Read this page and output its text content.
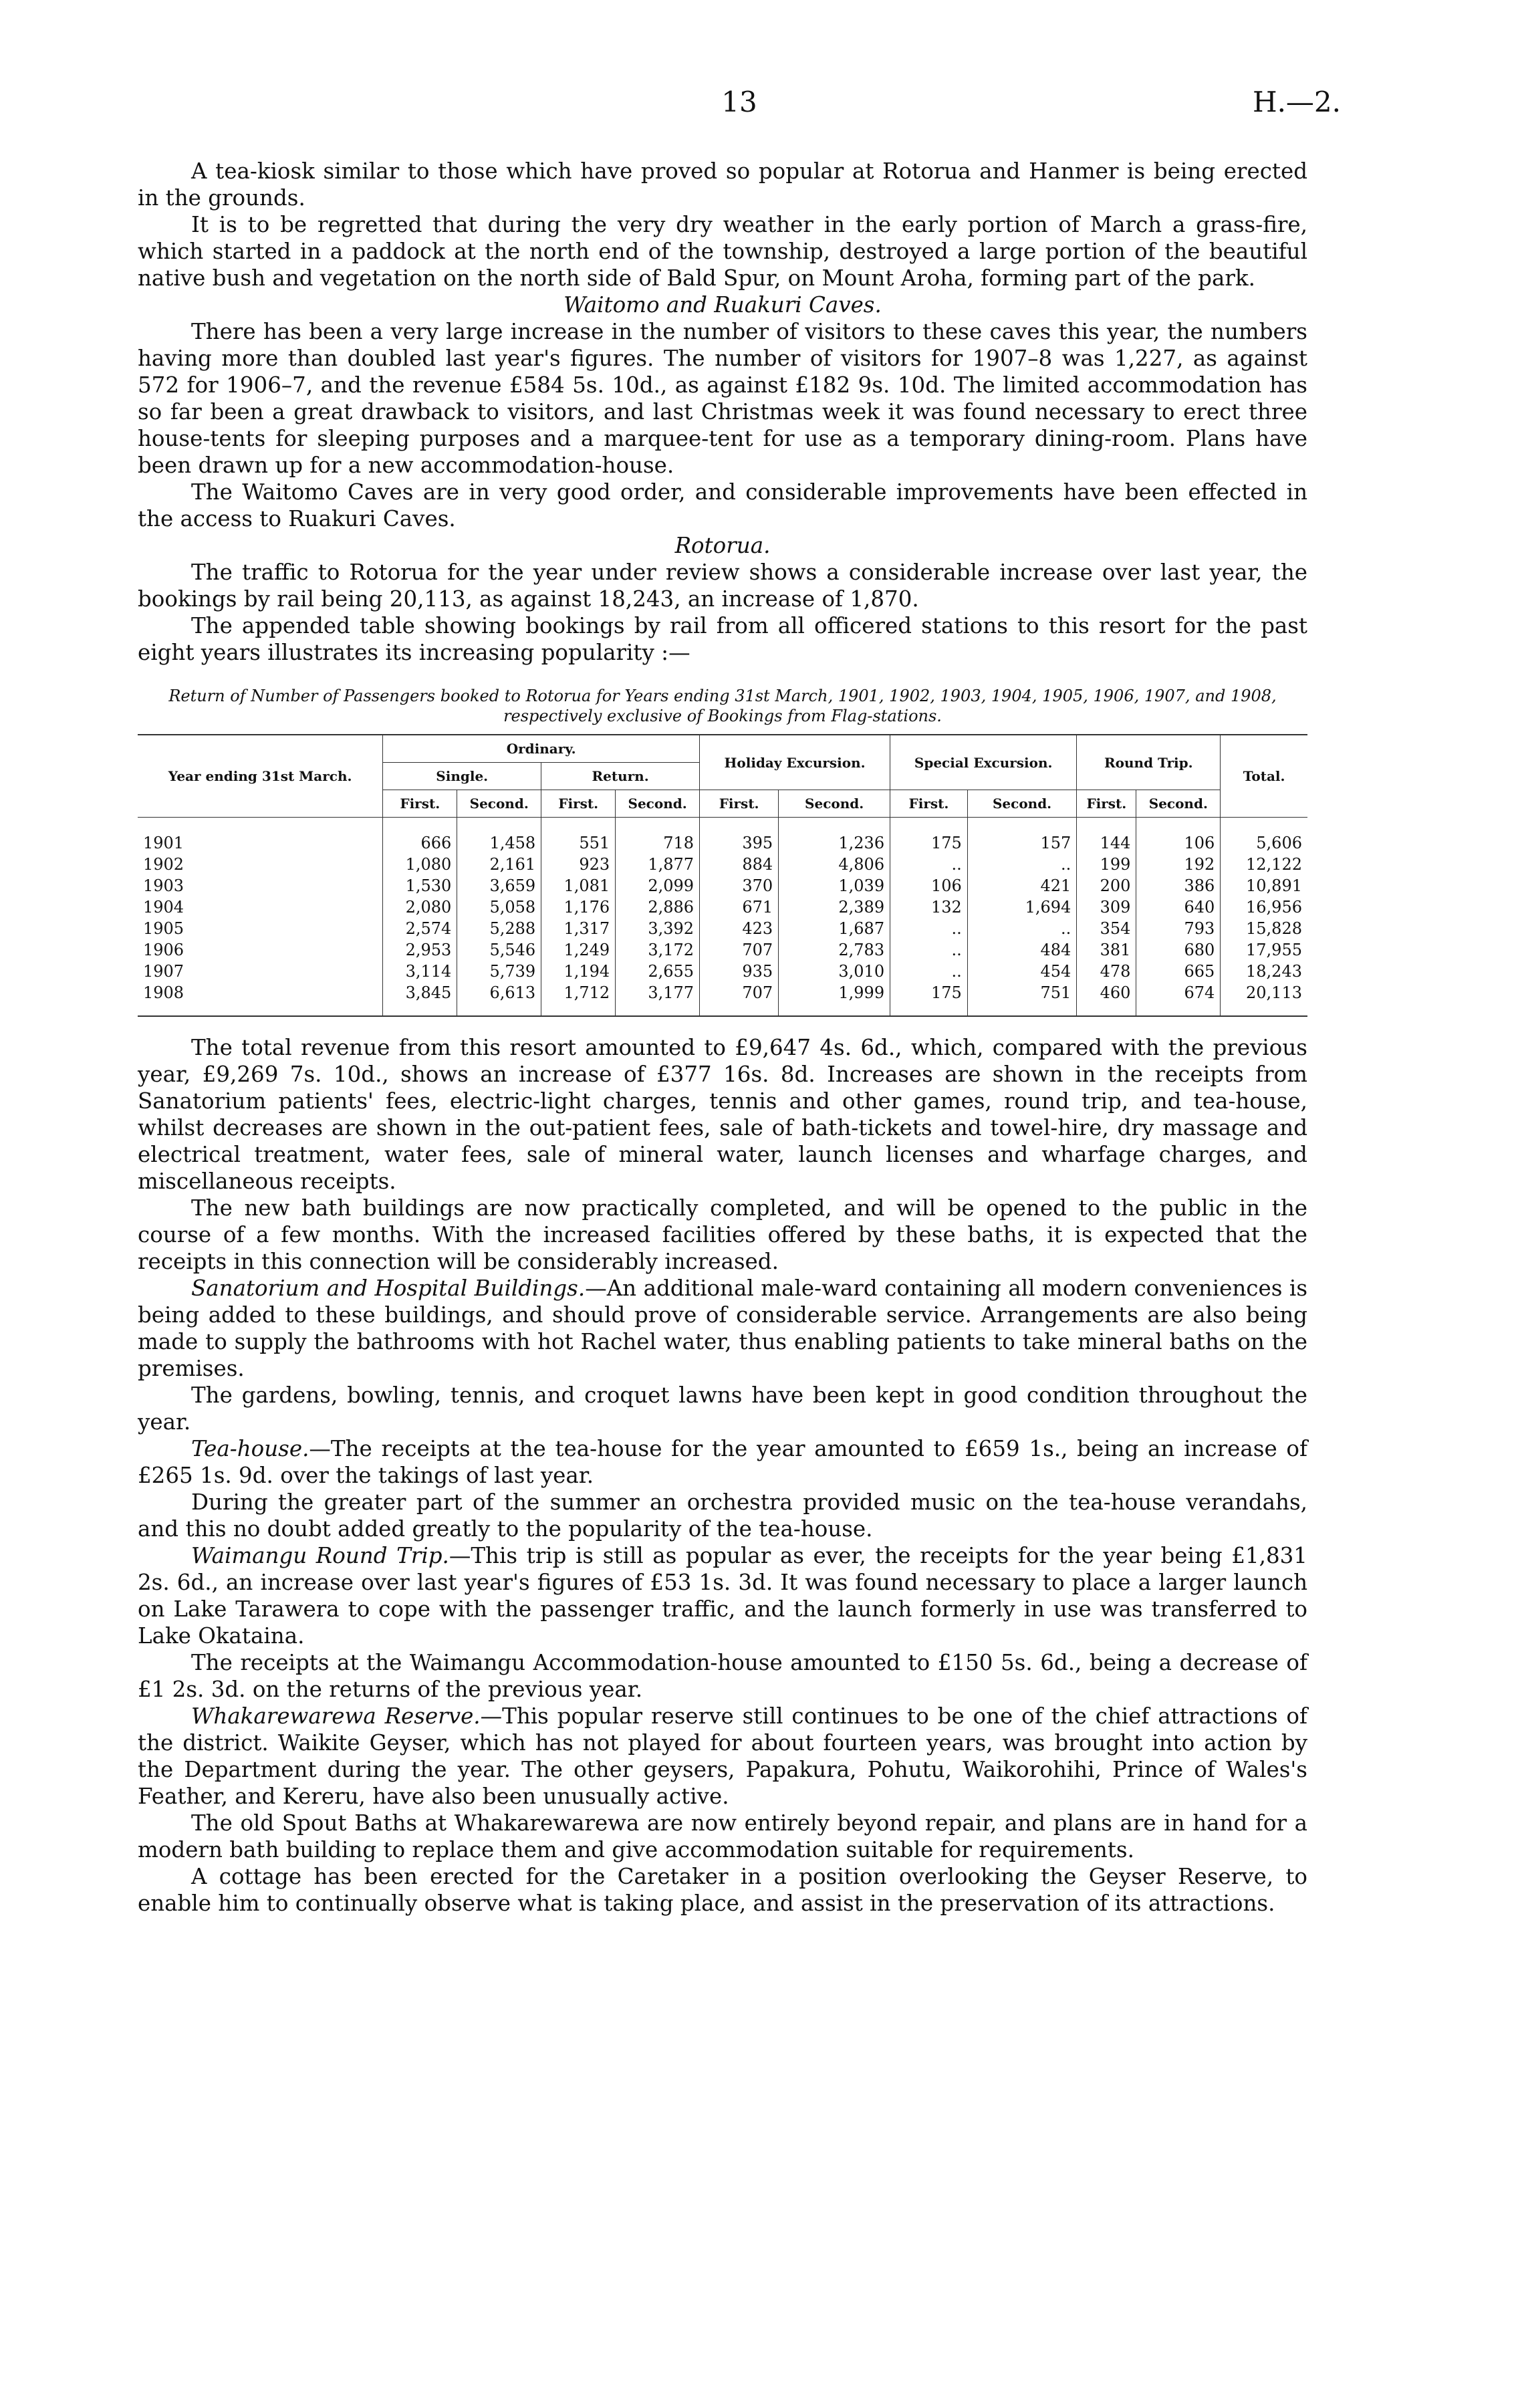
13	H.—2.

A tea-kiosk similar to those which have proved so popular at Rotorua and Hanmer is being erected in the grounds.

It is to be regretted that during the very dry weather in the early portion of March a grass-fire, which started in a paddock at the north end of the township, destroyed a large portion of the beautiful native bush and vegetation on the north side of Bald Spur, on Mount Aroha, forming part of the park.

Waitomo and Ruakuri Caves.

There has been a very large increase in the number of visitors to these caves this year, the numbers having more than doubled last year's figures. The number of visitors for 1907–8 was 1,227, as against 572 for 1906–7, and the revenue £584 5s. 10d., as against £182 9s. 10d. The limited accommodation has so far been a great drawback to visitors, and last Christmas week it was found necessary to erect three house-tents for sleeping purposes and a marquee-tent for use as a temporary dining-room. Plans have been drawn up for a new accommodation-house.

The Waitomo Caves are in very good order, and considerable improvements have been effected in the access to Ruakuri Caves.

Rotorua.

The traffic to Rotorua for the year under review shows a considerable increase over last year, the bookings by rail being 20,113, as against 18,243, an increase of 1,870.

The appended table showing bookings by rail from all officered stations to this resort for the past eight years illustrates its increasing popularity :—

Return of Number of Passengers booked to Rotorua for Years ending 31st March, 1901, 1902, 1903, 1904, 1905, 1906, 1907, and 1908, respectively exclusive of Bookings from Flag-stations.
Year ending 31st March.	Ordinary.				Holiday Excursion.		Special Excursion.		Round Trip.		Total.
	Single.		Return.								
	First.	Second.	First.	Second.	First.	Second.	First.	Second.	First.	Second.	
1901	666	1,458	551	718	395	1,236	175	157	144	106	5,606
1902	1,080	2,161	923	1,877	884	4,806	..	..	199	192	12,122
1903	1,530	3,659	1,081	2,099	370	1,039	106	421	200	386	10,891
1904	2,080	5,058	1,176	2,886	671	2,389	132	1,694	309	640	16,956
1905	2,574	5,288	1,317	3,392	423	1,687	..	..	354	793	15,828
1906	2,953	5,546	1,249	3,172	707	2,783	..	484	381	680	17,955
1907	3,114	5,739	1,194	2,655	935	3,010	..	454	478	665	18,243
1908	3,845	6,613	1,712	3,177	707	1,999	175	751	460	674	20,113

The total revenue from this resort amounted to £9,647 4s. 6d., which, compared with the previous year, £9,269 7s. 10d., shows an increase of £377 16s. 8d. Increases are shown in the receipts from Sanatorium patients' fees, electric-light charges, tennis and other games, round trip, and tea-house, whilst decreases are shown in the out-patient fees, sale of bath-tickets and towel-hire, dry massage and electrical treatment, water fees, sale of mineral water, launch licenses and wharfage charges, and miscellaneous receipts.

The new bath buildings are now practically completed, and will be opened to the public in the course of a few months. With the increased facilities offered by these baths, it is expected that the receipts in this connection will be considerably increased.

Sanatorium and Hospital Buildings.—An additional male-ward containing all modern conveniences is being added to these buildings, and should prove of considerable service. Arrangements are also being made to supply the bathrooms with hot Rachel water, thus enabling patients to take mineral baths on the premises.

The gardens, bowling, tennis, and croquet lawns have been kept in good condition throughout the year.

Tea-house.—The receipts at the tea-house for the year amounted to £659 1s., being an increase of £265 1s. 9d. over the takings of last year.

During the greater part of the summer an orchestra provided music on the tea-house verandahs, and this no doubt added greatly to the popularity of the tea-house.

Waimangu Round Trip.—This trip is still as popular as ever, the receipts for the year being £1,831 2s. 6d., an increase over last year's figures of £53 1s. 3d. It was found necessary to place a larger launch on Lake Tarawera to cope with the passenger traffic, and the launch formerly in use was transferred to Lake Okataina.

The receipts at the Waimangu Accommodation-house amounted to £150 5s. 6d., being a decrease of £1 2s. 3d. on the returns of the previous year.

Whakarewarewa Reserve.—This popular reserve still continues to be one of the chief attractions of the district. Waikite Geyser, which has not played for about fourteen years, was brought into action by the Department during the year. The other geysers, Papakura, Pohutu, Waikorohihi, Prince of Wales's Feather, and Kereru, have also been unusually active.

The old Spout Baths at Whakarewarewa are now entirely beyond repair, and plans are in hand for a modern bath building to replace them and give accommodation suitable for requirements.

A cottage has been erected for the Caretaker in a position overlooking the Geyser Reserve, to enable him to continually observe what is taking place, and assist in the preservation of its attractions.
